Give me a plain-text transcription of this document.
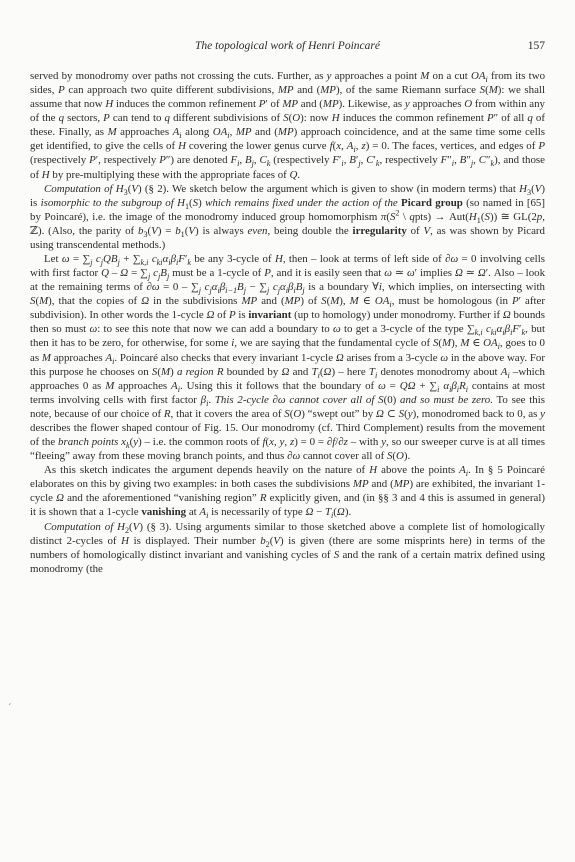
The topological work of Henri Poincaré	157
´

served by monodromy over paths not crossing the cuts. Further, as y approaches a point M on a cut $OA_i$ from its two sides, P can approach two quite different subdivisions, MP and (MP), of the same Riemann surface S(M): we shall assume that now H induces the common refinement P′ of MP and (MP). Likewise, as y approaches O from within any of the q sectors, P can tend to q different subdivisions of S(O): now H induces the common refinement P″ of all q of these. Finally, as M approaches $A_i$ along $OA_i$, MP and (MP) approach coincidence, and at the same time some cells get identified, to give the cells of H covering the lower genus curve f(x, $A_i$, z) = 0. The faces, vertices, and edges of P (respectively P′, respectively P″) are denoted $F_i$, $B_j$, $C_k$ (respectively $F'_i$, $B'_j$, $C'_k$, respectively $F''_i$, $B''_j$, $C''_k$), and those of H by pre-multiplying these with the appropriate faces of Q.

Computation of $H_3(V)$ (§ 2). We sketch below the argument which is given to show (in modern terms) that $H_3(V)$ is isomorphic to the subgroup of $H_1(S)$ which remains fixed under the action of the Picard group (so named in [65] by Poincaré), i.e. the image of the monodromy induced group homomorphism $\pi(S^2$ \ qpts) → $Aut(H_1(S))$ ≅ GL(2p, ℤ). (Also, the parity of $b_3(V) = b_1(V)$ is always even, being double the irregularity of V, as was shown by Picard using transcendental methods.)

Let $\omega = \sum_j$ $c_jQB_j + \sum_{k,i}$ $c_{ki}\alpha_i\beta_iF'_k$ be any 3-cycle of H, then – look at terms of left side of ∂ω = 0 involving cells with first factor $Q - \Omega = \sum_j$ $c_jB_j$ must be a 1-cycle of P, and it is easily seen that ω ≃ ω′ implies Ω ≃ Ω′. Also – look at the remaining terms of $\partial\omega = 0 - \sum_j$ $c_j\alpha_i\beta_{i-1}B_j - \sum_j$ $c_j\alpha_i\beta_iB_j$ is a boundary ∀i, which implies, on intersecting with S(M), that the copies of Ω in the subdivisions MP and (MP) of S(M), M ∈ $OA_i$, must be homologous (in P′ after subdivision). In other words the 1-cycle Ω of P is invariant (up to homology) under monodromy. Further if Ω bounds then so must ω: to see this note that now we can add a boundary to ω to get a 3-cycle of the type $\sum_{k,i}$ $c_{ki}\alpha_i\beta_iF'_k$, but then it has to be zero, for otherwise, for some i, we are saying that the fundamental cycle of S(M), M ∈ $OA_i$, goes to 0 as M approaches $A_i$. Poincaré also checks that every invariant 1-cycle Ω arises from a 3-cycle ω in the above way. For this purpose he chooses on S(M) a region R bounded by Ω and $T_i(\Omega)$ – here $T_i$ denotes monodromy about $A_i$ –which approaches 0 as M approaches $A_i$. Using this it follows that the boundary of $\omega = Q\Omega + \sum_i$ $\alpha_i\beta_iR_i$ contains at most terms involving cells with first factor $\beta_i$. This 2-cycle ∂ω cannot cover all of S(0) and so must be zero. To see this note, because of our choice of R, that it covers the area of S(O) “swept out” by Ω ⊂ S(y), monodromed back to 0, as y describes the flower shaped contour of Fig. 15. Our monodromy (cf. Third Complement) results from the movement of the branch points $x_k(y) - i.e$. the common roots of f(x, y, z) = 0 = ∂f/∂z – with y, so our sweeper curve is at all times “fleeing” away from these moving branch points, and thus ∂ω cannot cover all of S(O).

As this sketch indicates the argument depends heavily on the nature of H above the points $A_i$. In § 5 Poincaré elaborates on this by giving two examples: in both cases the subdivisions MP and (MP) are exhibited, the invariant 1-cycle Ω and the aforementioned “vanishing region” R explicitly given, and (in §§ 3 and 4 this is assumed in general) it is shown that a 1-cycle vanishing at $A_i$ is necessarily of type $\Omega - T_i(\Omega)$.

Computation of $H_2(V)$ (§ 3). Using arguments similar to those sketched above a complete list of homologically distinct 2-cycles of H is displayed. Their number $b_2(V)$ is given (there are some misprints here) in terms of the numbers of homologically distinct invariant and vanishing cycles of S and the rank of a certain matrix defined using monodromy (the
